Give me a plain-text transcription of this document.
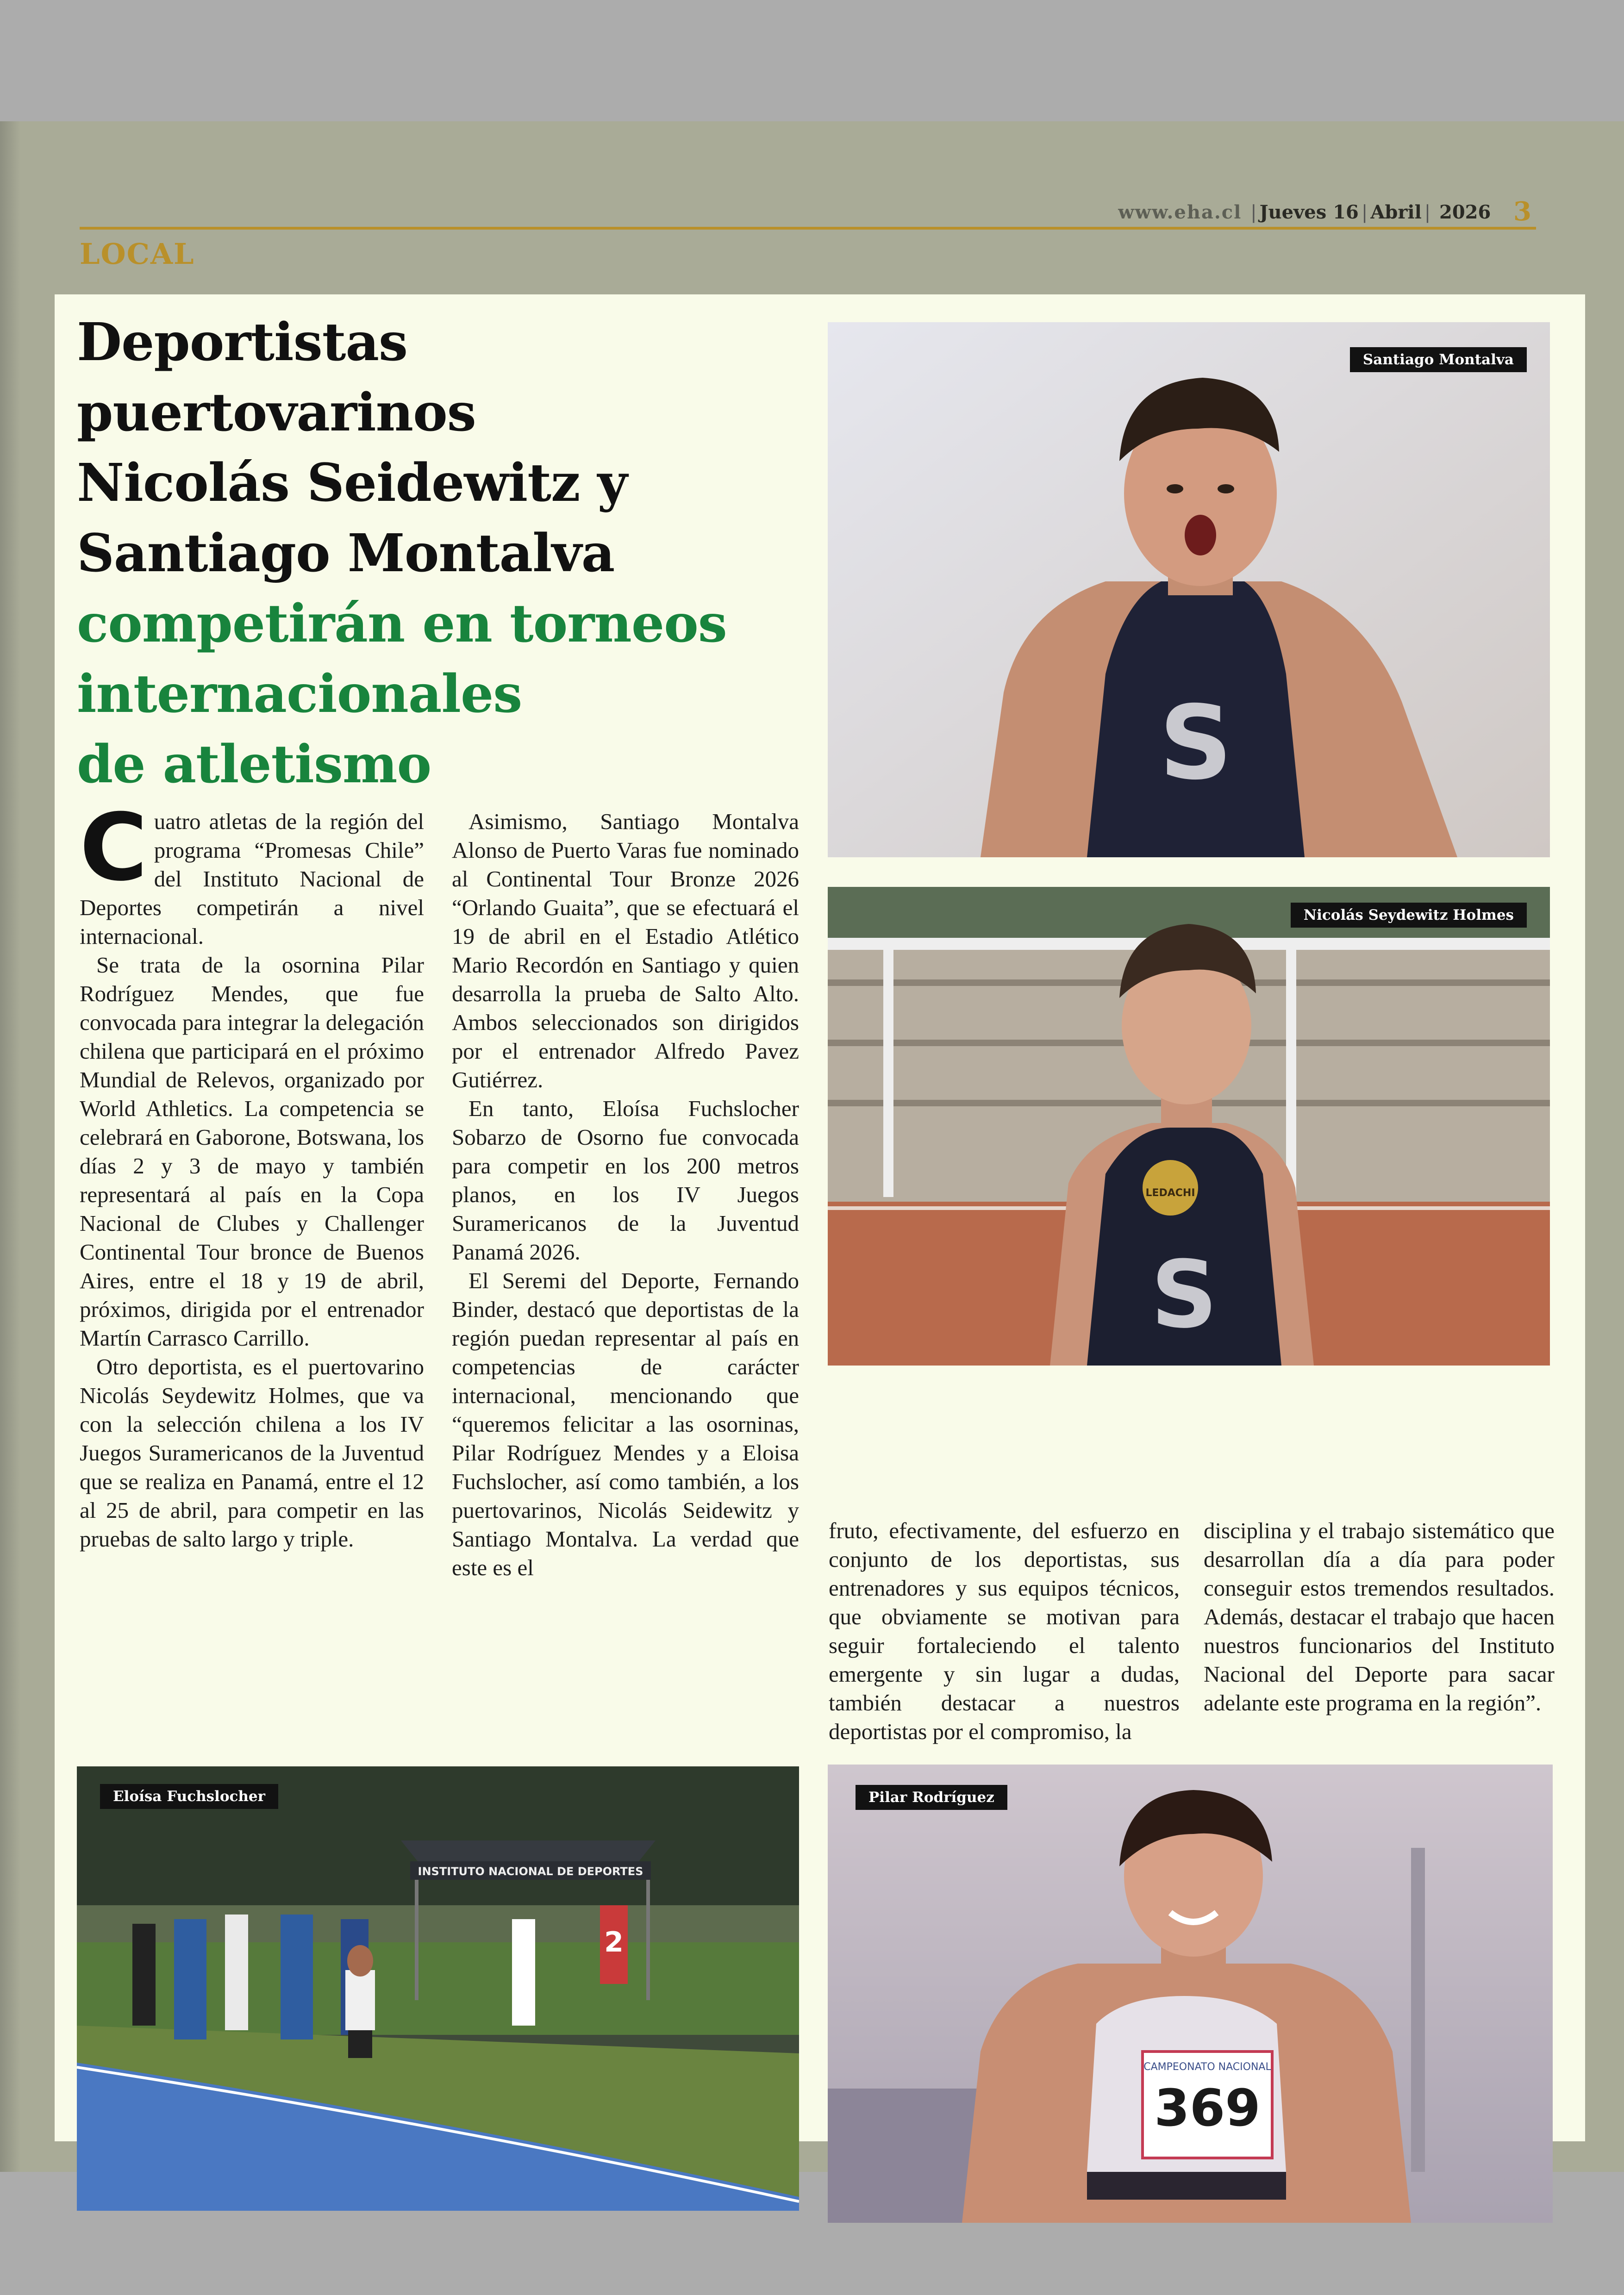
www.eha.cl | Jueves 16 | Abril | 2026 3
LOCAL
Deportistas
puertovarinos
Nicolás Seidewitz y
Santiago Montalva
competirán en torneos
internacionales
de atletismo

Cuatro atletas de la región del programa “Promesas Chile” del Instituto Nacional de Deportes competirán a nivel internacional.

Se trata de la osornina Pilar Rodríguez Mendes, que fue convocada para integrar la delegación chilena que participará en el próximo Mundial de Relevos, organizado por World Athletics. La competencia se celebrará en Gaborone, Botswana, los días 2 y 3 de mayo y también representará al país en la Copa Nacional de Clubes y Challenger Continental Tour bronce de Buenos Aires, entre el 18 y 19 de abril, próximos, dirigida por el entrenador Martín Carrasco Carrillo.

Otro deportista, es el puertovarino Nicolás Seydewitz Holmes, que va con la selección chilena a los IV Juegos Suramericanos de la Juventud que se realiza en Panamá, entre el 12 al 25 de abril, para competir en las pruebas de salto largo y triple.

Asimismo, Santiago Montalva Alonso de Puerto Varas fue nominado al Continental Tour Bronze 2026 “Orlando Guaita”, que se efectuará el 19 de abril en el Estadio Atlético Mario Recordón en Santiago y quien desarrolla la prueba de Salto Alto. Ambos seleccionados son dirigidos por el entrenador Alfredo Pavez Gutiérrez.

En tanto, Eloísa Fuchslocher Sobarzo de Osorno fue convocada para competir en los 200 metros planos, en los IV Juegos Suramericanos de la Juventud Panamá 2026.

El Seremi del Deporte, Fernando Binder, destacó que deportistas de la región puedan representar al país en competencias de carácter internacional, mencionando que “queremos felicitar a las osorninas, Pilar Rodríguez Mendes y a Eloisa Fuchslocher, así como también, a los puertovarinos, Nicolás Seidewitz y Santiago Montalva. La verdad que este es el

fruto, efectivamente, del esfuerzo en conjunto de los deportistas, sus entrenadores y sus equipos técnicos, que obviamente se motivan para seguir fortaleciendo el talento emergente y sin lugar a dudas, también destacar a nuestros deportistas por el compromiso, la

disciplina y el trabajo sistemático que desarrollan día a día para poder conseguir estos tremendos resultados. Además, destacar el trabajo que hacen nuestros funcionarios del Instituto Nacional del Deporte para sacar adelante este programa en la región”.

S
Santiago Montalva
S
LEDACHI
Nicolás Seydewitz Holmes
INSTITUTO NACIONAL DE DEPORTES
2
Eloísa Fuchslocher
CAMPEONATO NACIONAL
369
Pilar Rodríguez
